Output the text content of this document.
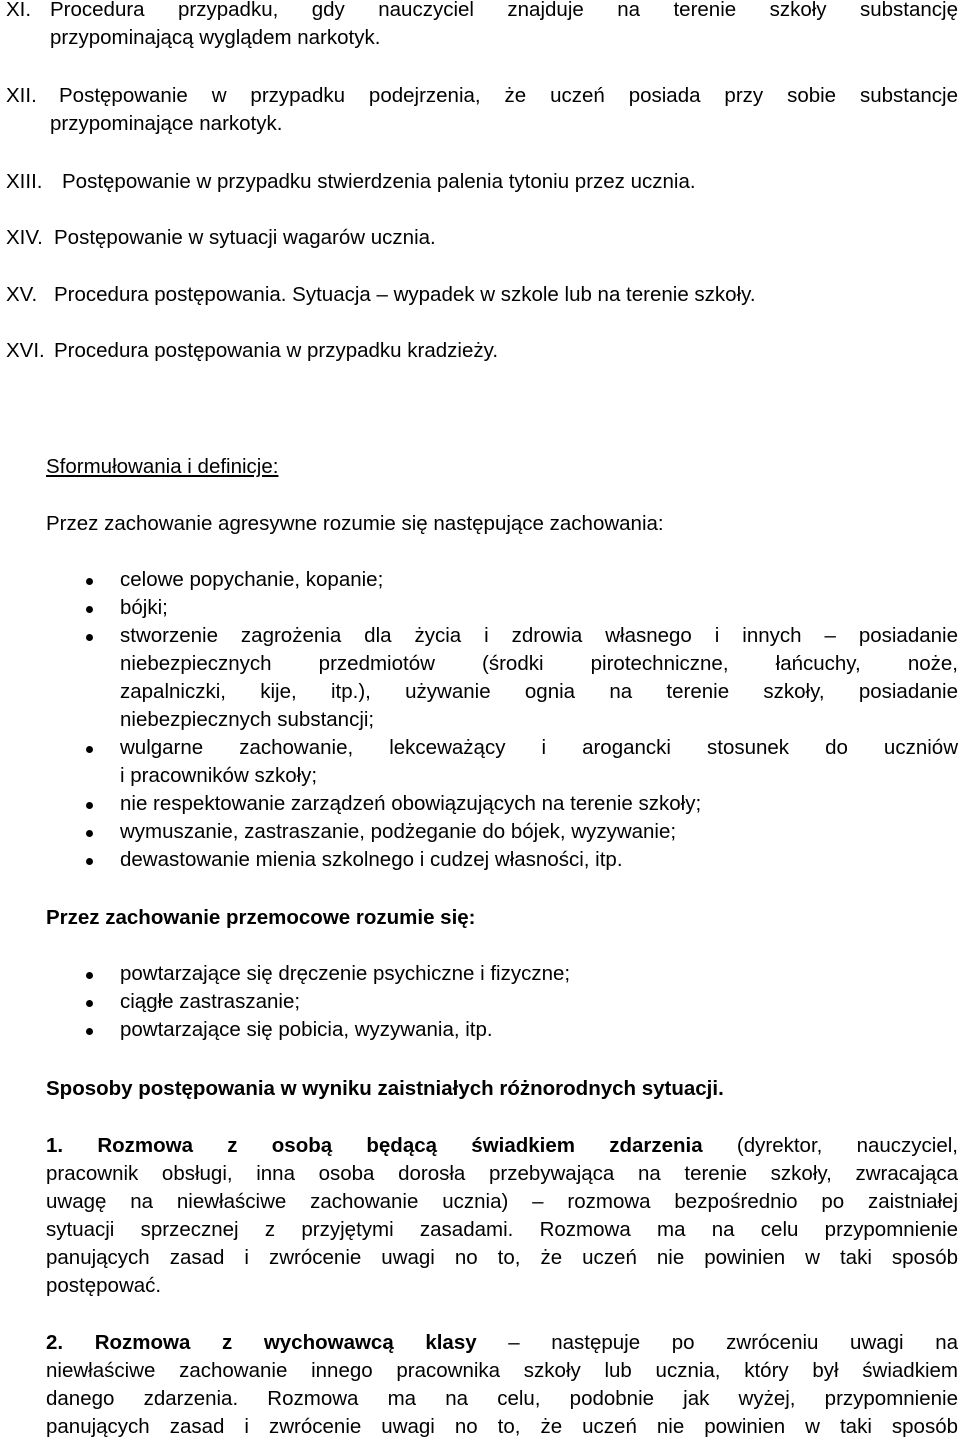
XI. Procedura przypadku, gdy nauczyciel znajduje na terenie szkoły substancję
przypominającą wyglądem narkotyk.
XII. Postępowanie w przypadku podejrzenia, że uczeń posiada przy sobie substancje
przypominające narkotyk.
XIII. Postępowanie w przypadku stwierdzenia palenia tytoniu przez ucznia.
XIV. Postępowanie w sytuacji wagarów ucznia.
XV. Procedura postępowania. Sytuacja – wypadek w szkole lub na terenie szkoły.
XVI. Procedura postępowania w przypadku kradzieży.
Sformułowania i definicje:
Przez zachowanie agresywne rozumie się następujące zachowania:
celowe popychanie, kopanie;
bójki;
stworzenie zagrożenia dla życia i zdrowia własnego i innych – posiadanie
niebezpiecznych przedmiotów (środki pirotechniczne, łańcuchy, noże,
zapalniczki, kije, itp.), używanie ognia na terenie szkoły, posiadanie
niebezpiecznych substancji;
wulgarne zachowanie, lekceważący i arogancki stosunek do uczniów
i pracowników szkoły;
nie respektowanie zarządzeń obowiązujących na terenie szkoły;
wymuszanie, zastraszanie, podżeganie do bójek, wyzywanie;
dewastowanie mienia szkolnego i cudzej własności, itp.
Przez zachowanie przemocowe rozumie się:
powtarzające się dręczenie psychiczne i fizyczne;
ciągłe zastraszanie;
powtarzające się pobicia, wyzywania, itp.
Sposoby postępowania w wyniku zaistniałych różnorodnych sytuacji.
1. Rozmowa z osobą będącą świadkiem zdarzenia (dyrektor, nauczyciel,
pracownik obsługi, inna osoba dorosła przebywająca na terenie szkoły, zwracająca
uwagę na niewłaściwe zachowanie ucznia) – rozmowa bezpośrednio po zaistniałej
sytuacji sprzecznej z przyjętymi zasadami. Rozmowa ma na celu przypomnienie
panujących zasad i zwrócenie uwagi no to, że uczeń nie powinien w taki sposób
postępować.
2. Rozmowa z wychowawcą klasy – następuje po zwróceniu uwagi na
niewłaściwe zachowanie innego pracownika szkoły lub ucznia, który był świadkiem
danego zdarzenia. Rozmowa ma na celu, podobnie jak wyżej, przypomnienie
panujących zasad i zwrócenie uwagi no to, że uczeń nie powinien w taki sposób
